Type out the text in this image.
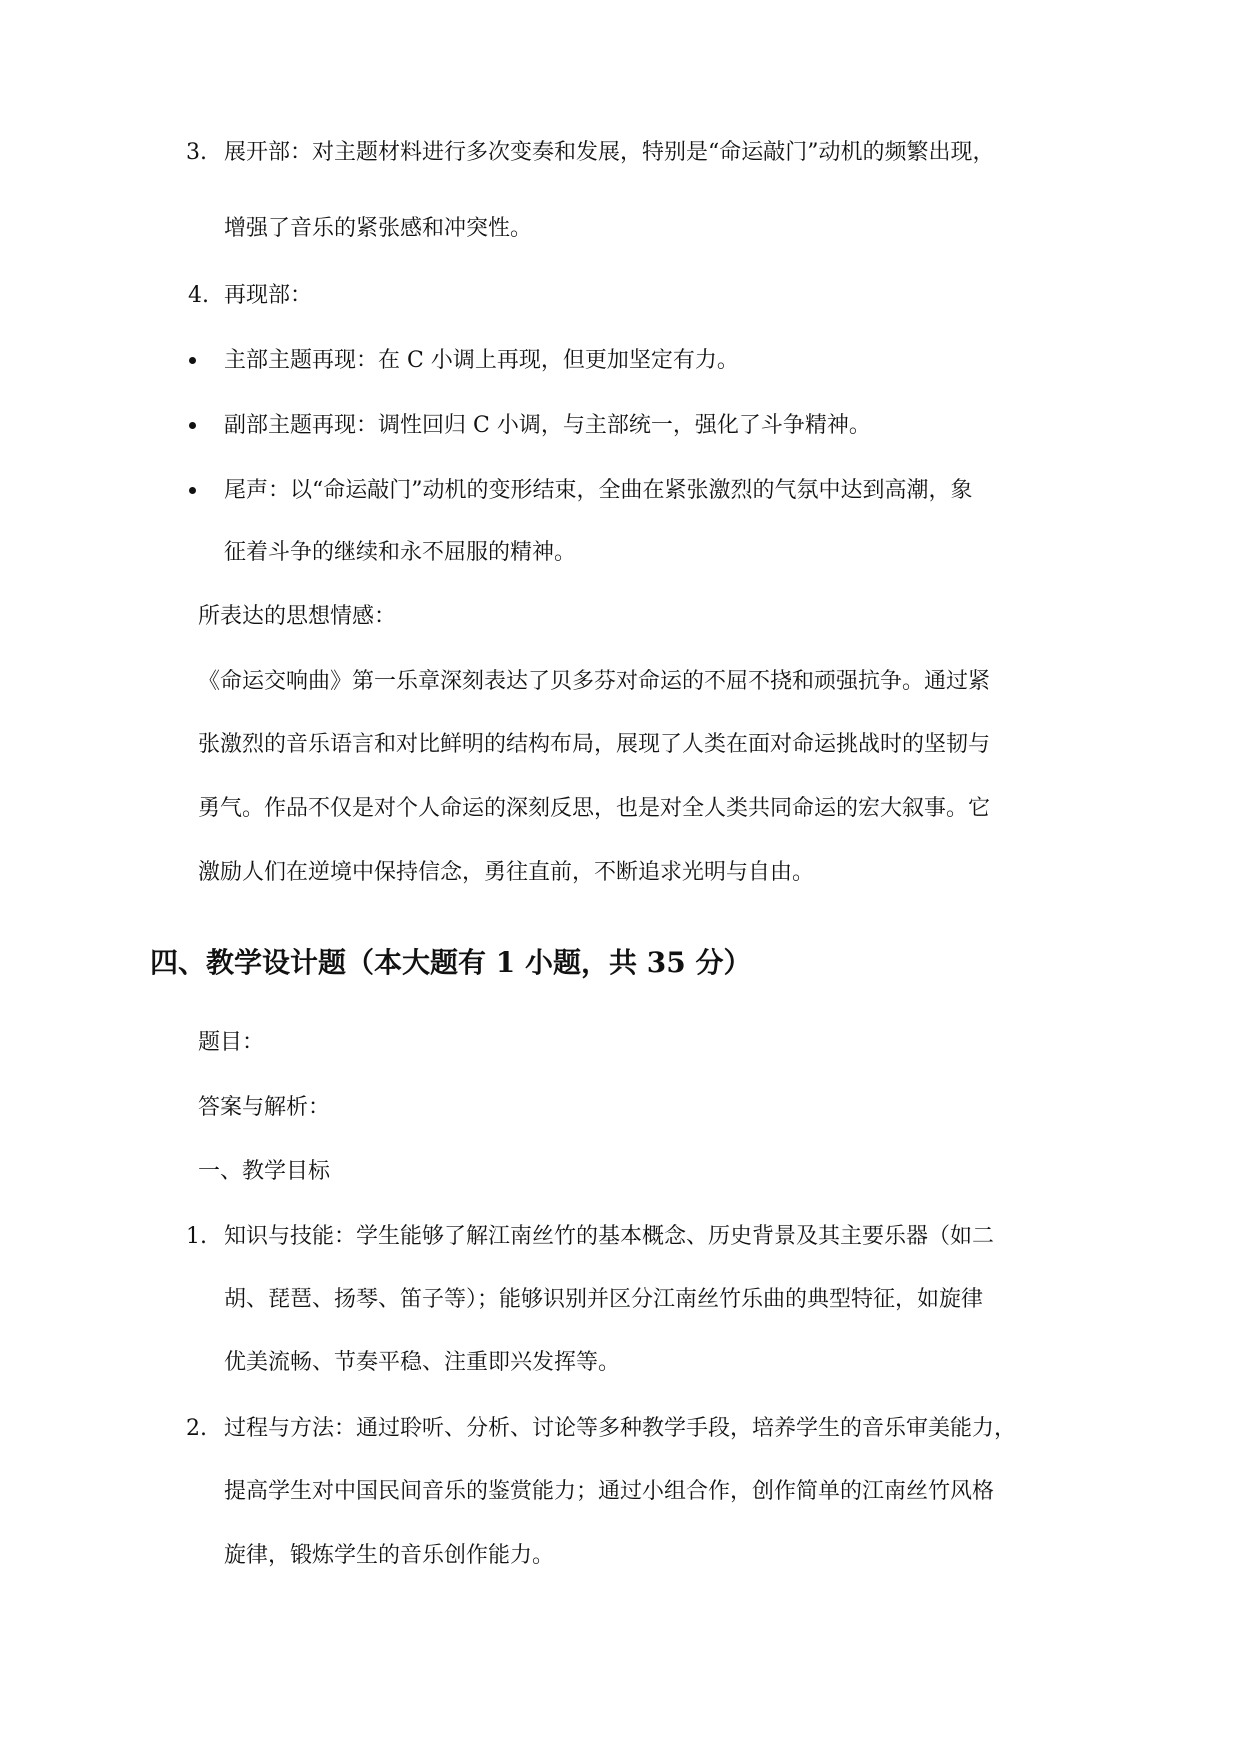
3. 展开部：对主题材料进行多次变奏和发展，特别是“命运敲门”动机的频繁出现，
增强了音乐的紧张感和冲突性。
4. 再现部：
主部主题再现：在 C 小调上再现，但更加坚定有力。
副部主题再现：调性回归 C 小调，与主部统一，强化了斗争精神。
尾声：以“命运敲门”动机的变形结束，全曲在紧张激烈的气氛中达到高潮，象
征着斗争的继续和永不屈服的精神。
所表达的思想情感：
《命运交响曲》第一乐章深刻表达了贝多芬对命运的不屈不挠和顽强抗争。通过紧
张激烈的音乐语言和对比鲜明的结构布局，展现了人类在面对命运挑战时的坚韧与
勇气。作品不仅是对个人命运的深刻反思，也是对全人类共同命运的宏大叙事。它
激励人们在逆境中保持信念，勇往直前，不断追求光明与自由。
四、教学设计题（本大题有 1 小题，共 35 分）
题目：
答案与解析：
一、教学目标
1. 知识与技能：学生能够了解江南丝竹的基本概念、历史背景及其主要乐器（如二
胡、琵琶、扬琴、笛子等）；能够识别并区分江南丝竹乐曲的典型特征，如旋律
优美流畅、节奏平稳、注重即兴发挥等。
2. 过程与方法：通过聆听、分析、讨论等多种教学手段，培养学生的音乐审美能力，
提高学生对中国民间音乐的鉴赏能力；通过小组合作，创作简单的江南丝竹风格
旋律，锻炼学生的音乐创作能力。
